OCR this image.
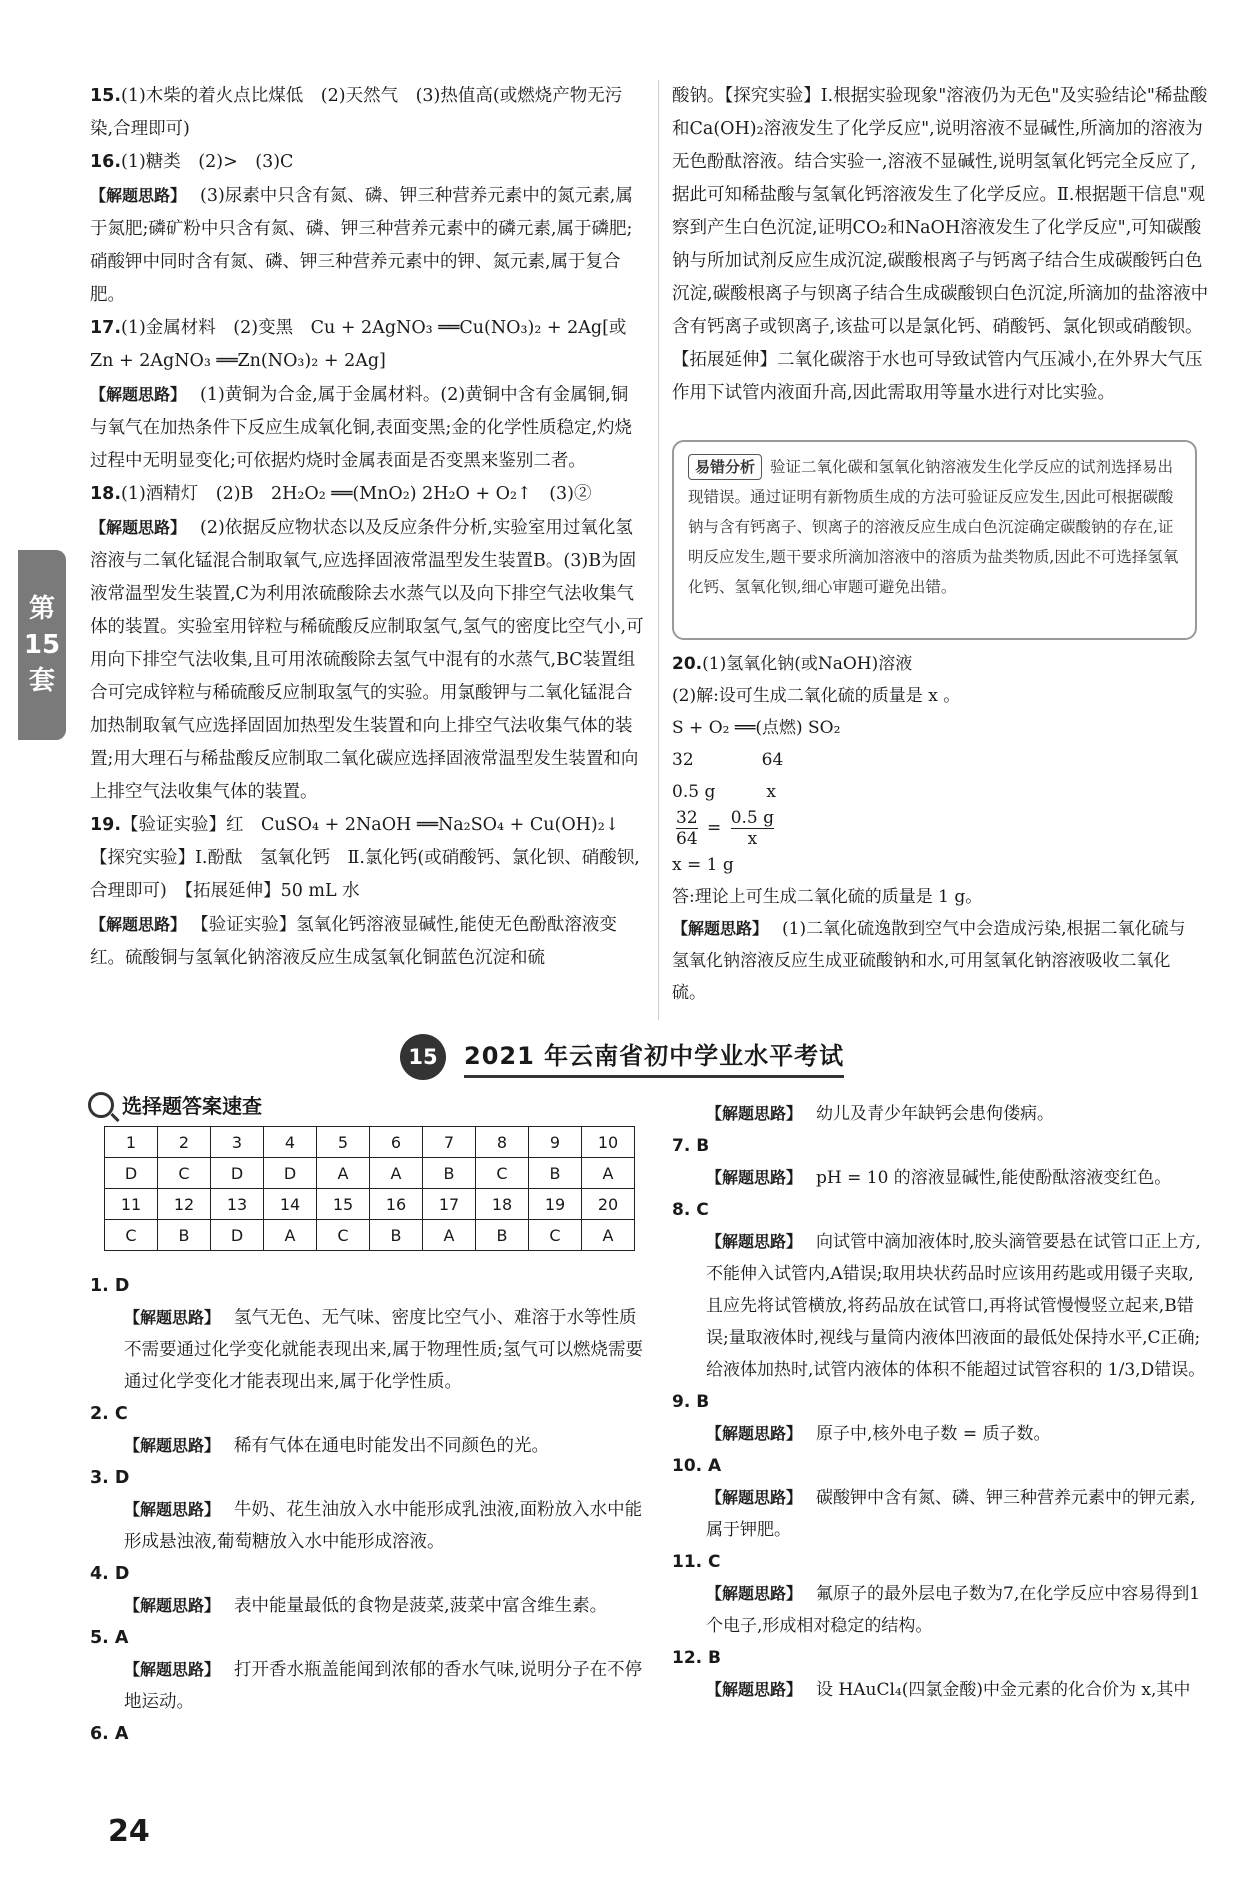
第
15
套

15.(1)木柴的着火点比煤低　(2)天然气　(3)热值高(或燃烧产物无污染,合理即可)

16.(1)糖类　(2)>　(3)C

【解题思路】 (3)尿素中只含有氮、磷、钾三种营养元素中的氮元素,属于氮肥;磷矿粉中只含有氮、磷、钾三种营养元素中的磷元素,属于磷肥;硝酸钾中同时含有氮、磷、钾三种营养元素中的钾、氮元素,属于复合肥。

17.(1)金属材料　(2)变黑　Cu + 2AgNO₃ ══Cu(NO₃)₂ + 2Ag[或Zn + 2AgNO₃ ══Zn(NO₃)₂ + 2Ag]

【解题思路】 (1)黄铜为合金,属于金属材料。(2)黄铜中含有金属铜,铜与氧气在加热条件下反应生成氧化铜,表面变黑;金的化学性质稳定,灼烧过程中无明显变化;可依据灼烧时金属表面是否变黑来鉴别二者。

18.(1)酒精灯　(2)B　2H₂O₂ ══(MnO₂) 2H₂O + O₂↑　(3)②

【解题思路】 (2)依据反应物状态以及反应条件分析,实验室用过氧化氢溶液与二氧化锰混合制取氧气,应选择固液常温型发生装置B。(3)B为固液常温型发生装置,C为利用浓硫酸除去水蒸气以及向下排空气法收集气体的装置。实验室用锌粒与稀硫酸反应制取氢气,氢气的密度比空气小,可用向下排空气法收集,且可用浓硫酸除去氢气中混有的水蒸气,BC装置组合可完成锌粒与稀硫酸反应制取氢气的实验。用氯酸钾与二氧化锰混合加热制取氧气应选择固固加热型发生装置和向上排空气法收集气体的装置;用大理石与稀盐酸反应制取二氧化碳应选择固液常温型发生装置和向上排空气法收集气体的装置。

19.【验证实验】红　CuSO₄ + 2NaOH ══Na₂SO₄ + Cu(OH)₂↓　【探究实验】Ⅰ.酚酞　氢氧化钙　Ⅱ.氯化钙(或硝酸钙、氯化钡、硝酸钡,合理即可)　【拓展延伸】50 mL 水

【解题思路】 【验证实验】氢氧化钙溶液显碱性,能使无色酚酞溶液变红。硫酸铜与氢氧化钠溶液反应生成氢氧化铜蓝色沉淀和硫

酸钠。【探究实验】Ⅰ.根据实验现象"溶液仍为无色"及实验结论"稀盐酸和Ca(OH)₂溶液发生了化学反应",说明溶液不显碱性,所滴加的溶液为无色酚酞溶液。结合实验一,溶液不显碱性,说明氢氧化钙完全反应了,据此可知稀盐酸与氢氧化钙溶液发生了化学反应。Ⅱ.根据题干信息"观察到产生白色沉淀,证明CO₂和NaOH溶液发生了化学反应",可知碳酸钠与所加试剂反应生成沉淀,碳酸根离子与钙离子结合生成碳酸钙白色沉淀,碳酸根离子与钡离子结合生成碳酸钡白色沉淀,所滴加的盐溶液中含有钙离子或钡离子,该盐可以是氯化钙、硝酸钙、氯化钡或硝酸钡。【拓展延伸】二氧化碳溶于水也可导致试管内气压减小,在外界大气压作用下试管内液面升高,因此需取用等量水进行对比实验。

易错分析 验证二氧化碳和氢氧化钠溶液发生化学反应的试剂选择易出现错误。通过证明有新物质生成的方法可验证反应发生,因此可根据碳酸钠与含有钙离子、钡离子的溶液反应生成白色沉淀确定碳酸钠的存在,证明反应发生,题干要求所滴加溶液中的溶质为盐类物质,因此不可选择氢氧化钙、氢氧化钡,细心审题可避免出错。

20.(1)氢氧化钠(或NaOH)溶液

(2)解:设可生成二氧化硫的质量是 x 。

S + O₂ ══(点燃) SO₂

32　　　　64

0.5 g　　　x

$\frac{32}{64} = \frac{0.5 g}{x}$

x = 1 g

答:理论上可生成二氧化硫的质量是 1 g。

【解题思路】 (1)二氧化硫逸散到空气中会造成污染,根据二氧化硫与氢氧化钠溶液反应生成亚硫酸钠和水,可用氢氧化钠溶液吸收二氧化硫。

15	2021 年云南省初中学业水平考试
选择题答案速查
1	2	3	4	5	6	7	8	9	10
D	C	D	D	A	A	B	C	B	A
11	12	13	14	15	16	17	18	19	20
C	B	D	A	C	B	A	B	C	A

1. D

【解题思路】 氢气无色、无气味、密度比空气小、难溶于水等性质不需要通过化学变化就能表现出来,属于物理性质;氢气可以燃烧需要通过化学变化才能表现出来,属于化学性质。

2. C

【解题思路】 稀有气体在通电时能发出不同颜色的光。

3. D

【解题思路】 牛奶、花生油放入水中能形成乳浊液,面粉放入水中能形成悬浊液,葡萄糖放入水中能形成溶液。

4. D

【解题思路】 表中能量最低的食物是菠菜,菠菜中富含维生素。

5. A

【解题思路】 打开香水瓶盖能闻到浓郁的香水气味,说明分子在不停地运动。

6. A

【解题思路】 幼儿及青少年缺钙会患佝偻病。

7. B

【解题思路】 pH = 10 的溶液显碱性,能使酚酞溶液变红色。

8. C

【解题思路】 向试管中滴加液体时,胶头滴管要悬在试管口正上方,不能伸入试管内,A错误;取用块状药品时应该用药匙或用镊子夹取,且应先将试管横放,将药品放在试管口,再将试管慢慢竖立起来,B错误;量取液体时,视线与量筒内液体凹液面的最低处保持水平,C正确;给液体加热时,试管内液体的体积不能超过试管容积的 1/3,D错误。

9. B

【解题思路】 原子中,核外电子数 = 质子数。

10. A

【解题思路】 碳酸钾中含有氮、磷、钾三种营养元素中的钾元素,属于钾肥。

11. C

【解题思路】 氟原子的最外层电子数为7,在化学反应中容易得到1个电子,形成相对稳定的结构。

12. B

【解题思路】 设 HAuCl₄(四氯金酸)中金元素的化合价为 x,其中

24
